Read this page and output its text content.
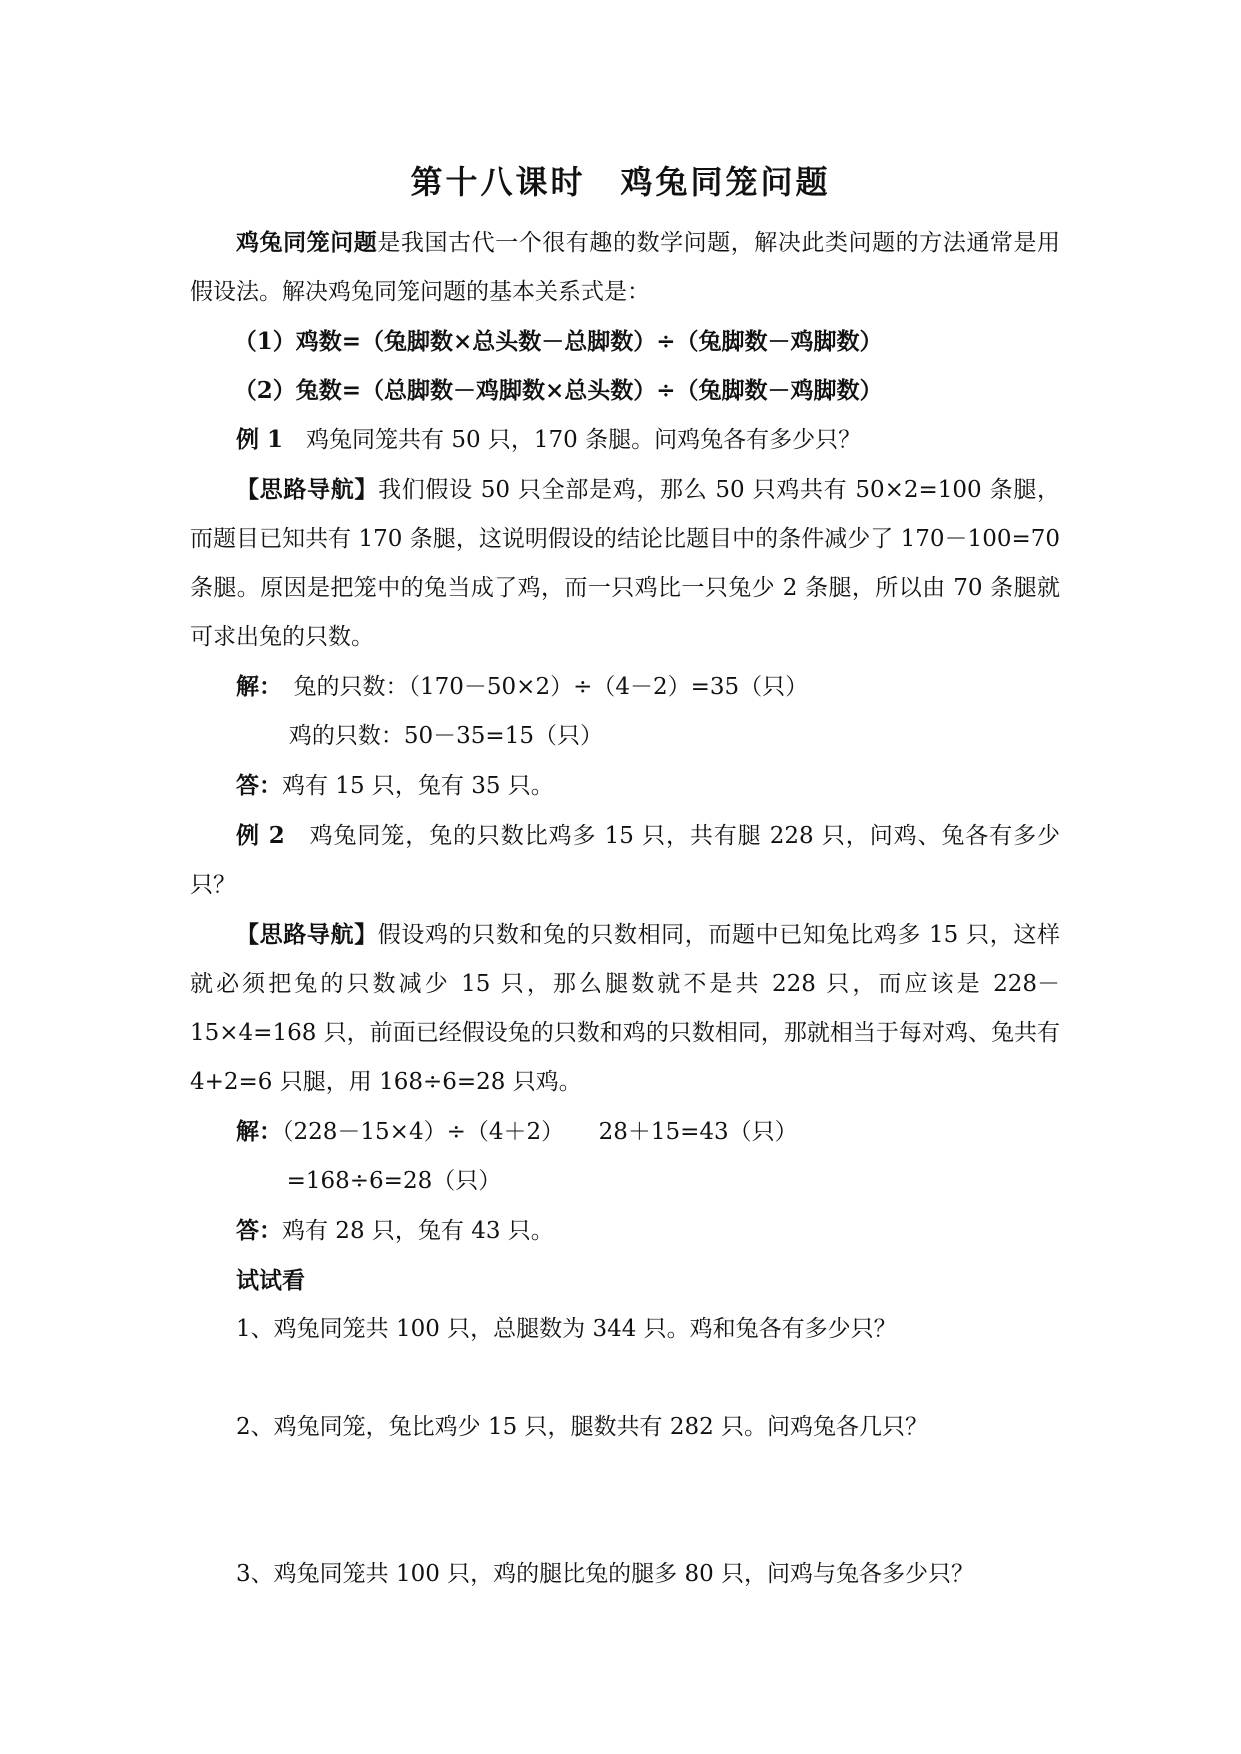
第十八课时　鸡兔同笼问题

鸡兔同笼问题是我国古代一个很有趣的数学问题，解决此类问题的方法通常是用假设法。解决鸡兔同笼问题的基本关系式是：

（1）鸡数=（兔脚数×总头数－总脚数）÷（兔脚数－鸡脚数）

（2）兔数=（总脚数－鸡脚数×总头数）÷（兔脚数－鸡脚数）

例 1　鸡兔同笼共有 50 只，170 条腿。问鸡兔各有多少只？

【思路导航】我们假设 50 只全部是鸡，那么 50 只鸡共有 50×2=100 条腿，而题目已知共有 170 条腿，这说明假设的结论比题目中的条件减少了 170－100=70 条腿。原因是把笼中的兔当成了鸡，而一只鸡比一只兔少 2 条腿，所以由 70 条腿就可求出兔的只数。

解：　兔的只数：（170－50×2）÷（4－2）=35（只）

鸡的只数：50－35=15（只）

答：鸡有 15 只，兔有 35 只。

例 2　鸡兔同笼，兔的只数比鸡多 15 只，共有腿 228 只，问鸡、兔各有多少只？

【思路导航】假设鸡的只数和兔的只数相同，而题中已知兔比鸡多 15 只，这样就必须把兔的只数减少 15 只，那么腿数就不是共 228 只，而应该是 228－15×4=168 只，前面已经假设兔的只数和鸡的只数相同，那就相当于每对鸡、兔共有 4+2=6 只腿，用 168÷6=28 只鸡。

解：（228－15×4）÷（4＋2）　　28＋15=43（只）

=168÷6=28（只）

答：鸡有 28 只，兔有 43 只。

试试看

1、鸡兔同笼共 100 只，总腿数为 344 只。鸡和兔各有多少只？

2、鸡兔同笼，兔比鸡少 15 只，腿数共有 282 只。问鸡兔各几只？

3、鸡兔同笼共 100 只，鸡的腿比兔的腿多 80 只，问鸡与兔各多少只？
